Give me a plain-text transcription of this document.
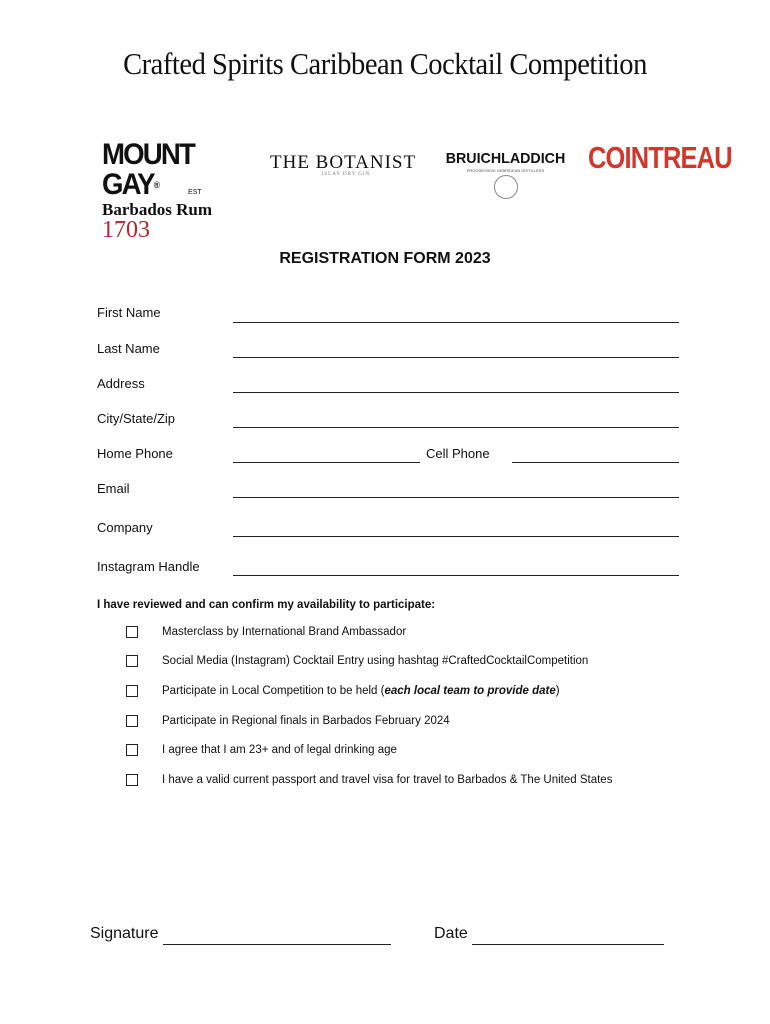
Crafted Spirits Caribbean Cocktail Competition
MOUNT GAY®
Barbados Rum 1703
EST
THE BOTANIST
ISLAY DRY GIN
BRUICHLADDICH
PROGRESSIVE HEBRIDEAN DISTILLERS	COINTREAU
REGISTRATION FORM 2023
First Name
Last Name
Address
City/State/Zip
Home Phone	Cell Phone
Email
Company
Instagram Handle
I have reviewed and can confirm my availability to participate:
Masterclass by International Brand Ambassador
Social Media (Instagram) Cocktail Entry using hashtag #CraftedCocktailCompetition
Participate in Local Competition to be held (each local team to provide date)
Participate in Regional finals in Barbados February 2024
I agree that I am 23+ and of legal drinking age
I have a valid current passport and travel visa for travel to Barbados & The United States
Signature	Date
